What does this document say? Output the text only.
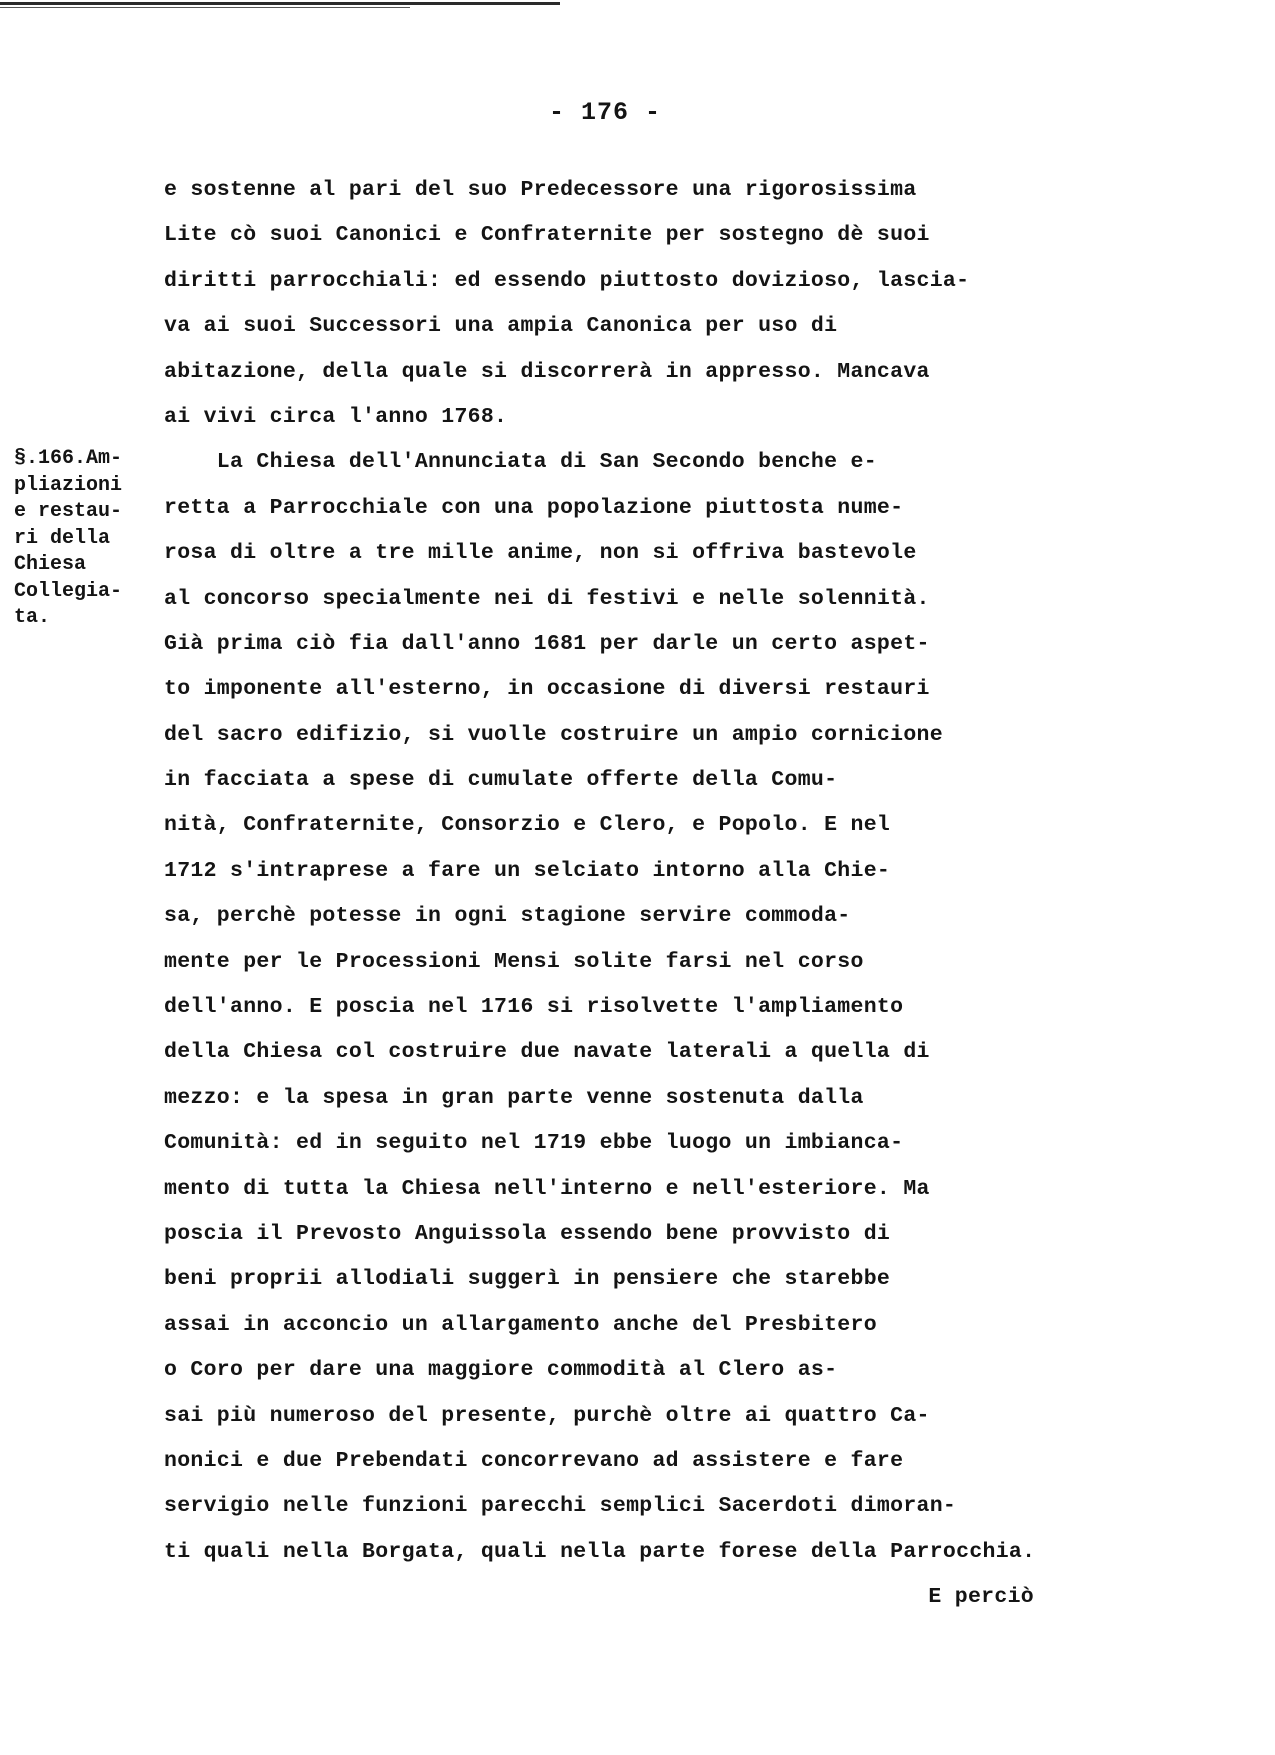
- 176 -
§.166.Am-
pliazioni
e restau-
ri della
Chiesa
Collegia-
ta.
e sostenne al pari del suo Predecessore una rigorosissima
Lite cò suoi Canonici e Confraternite per sostegno dè suoi
diritti parrocchiali: ed essendo piuttosto dovizioso, lascia-
va ai suoi Successori una ampia Canonica per uso di
abitazione, della quale si discorrerà in appresso. Mancava
ai vivi circa l'anno 1768.
La Chiesa dell'Annunciata di San Secondo benche e-
retta a Parrocchiale con una popolazione piuttosta nume-
rosa di oltre a tre mille anime, non si offriva bastevole
al concorso specialmente nei di festivi e nelle solennità.
Già prima ciò fia dall'anno 1681 per darle un certo aspet-
to imponente all'esterno, in occasione di diversi restauri
del sacro edifizio, si vuolle costruire un ampio cornicione
in facciata a spese di cumulate offerte della Comu-
nità, Confraternite, Consorzio e Clero, e Popolo. E nel
1712 s'intraprese a fare un selciato intorno alla Chie-
sa, perchè potesse in ogni stagione servire commoda-
mente per le Processioni Mensi solite farsi nel corso
dell'anno. E poscia nel 1716 si risolvette l'ampliamento
della Chiesa col costruire due navate laterali a quella di
mezzo: e la spesa in gran parte venne sostenuta dalla
Comunità: ed in seguito nel 1719 ebbe luogo un imbianca-
mento di tutta la Chiesa nell'interno e nell'esteriore. Ma
poscia il Prevosto Anguissola essendo bene provvisto di
beni proprii allodiali suggerì in pensiere che starebbe
assai in acconcio un allargamento anche del Presbitero
o Coro per dare una maggiore commodità al Clero as-
sai più numeroso del presente, purchè oltre ai quattro Ca-
nonici e due Prebendati concorrevano ad assistere e fare
servigio nelle funzioni parecchi semplici Sacerdoti dimoran-
ti quali nella Borgata, quali nella parte forese della Parrocchia.
E perciò
